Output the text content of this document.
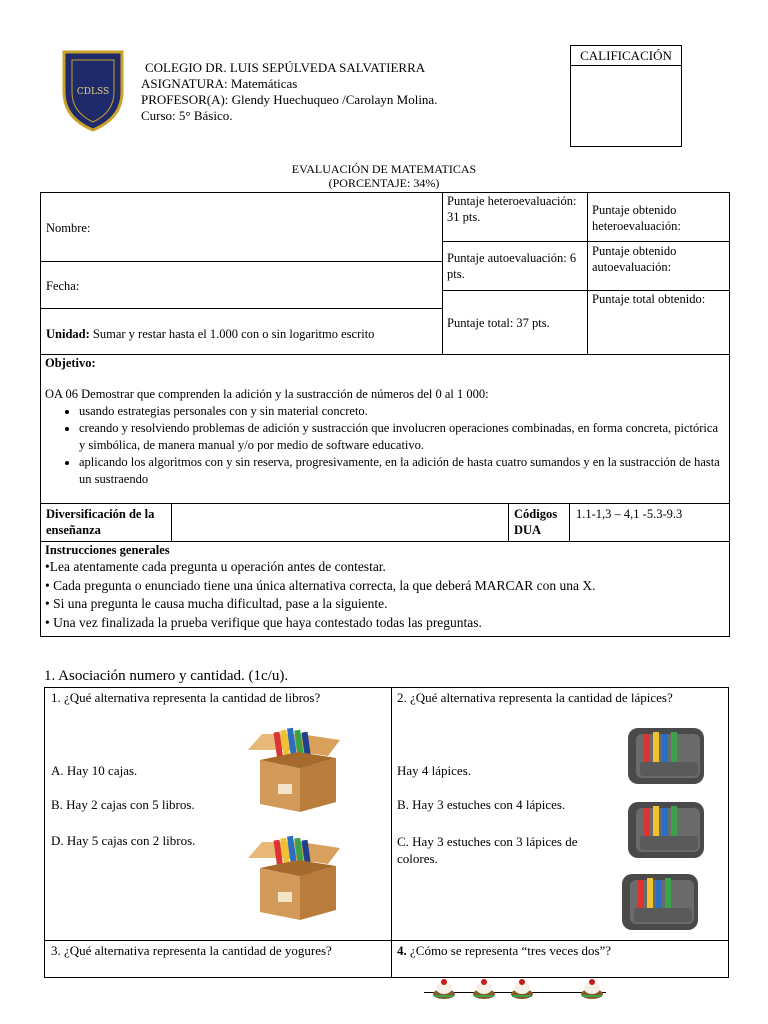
CDLSS
COLEGIO DR. LUIS SEPÚLVEDA SALVATIERRA
ASIGNATURA: Matemáticas
PROFESOR(A): Glendy Huechuqueo /Carolayn Molina.
Curso: 5° Básico.
CALIFICACIÓN
EVALUACIÓN DE MATEMATICAS
(PORCENTAJE: 34%)
Nombre:
Fecha:
Unidad: Sumar y restar hasta el 1.000 con o sin logaritmo escrito
Puntaje heteroevaluación: 31 pts.
Puntaje autoevaluación: 6 pts.
Puntaje total: 37 pts.
Puntaje obtenido heteroevaluación:
Puntaje obtenido autoevaluación:
Puntaje total obtenido:
Objetivo:
OA 06 Demostrar que comprenden la adición y la sustracción de números del 0 al 1 000:
• usando estrategias personales con y sin material concreto.
• creando y resolviendo problemas de adición y sustracción que involucren operaciones combinadas, en forma concreta, pictórica y simbólica, de manera manual y/o por medio de software educativo.
• aplicando los algoritmos con y sin reserva, progresivamente, en la adición de hasta cuatro sumandos y en la sustracción de hasta un sustraendo
Diversificación de la enseñanza
Códigos DUA
1.1-1,3 – 4,1 -5.3-9.3
Instrucciones generales
•Lea atentamente cada pregunta u operación antes de contestar.
• Cada pregunta o enunciado tiene una única alternativa correcta, la que deberá MARCAR con una X.
• Si una pregunta le causa mucha dificultad, pase a la siguiente.
• Una vez finalizada la prueba verifique que haya contestado todas las preguntas.
1. Asociación numero y cantidad. (1c/u).
1. ¿Qué alternativa representa la cantidad de libros?
A. Hay 10 cajas.
B. Hay 2 cajas con 5 libros.
D. Hay 5 cajas con 2 libros.
2. ¿Qué alternativa representa la cantidad de lápices?
Hay 4 lápices.
B. Hay 3 estuches con 4 lápices.
C. Hay 3 estuches con 3 lápices de colores.
3. ¿Qué alternativa representa la cantidad de yogures?	4. ¿Cómo se representa “tres veces dos”?
